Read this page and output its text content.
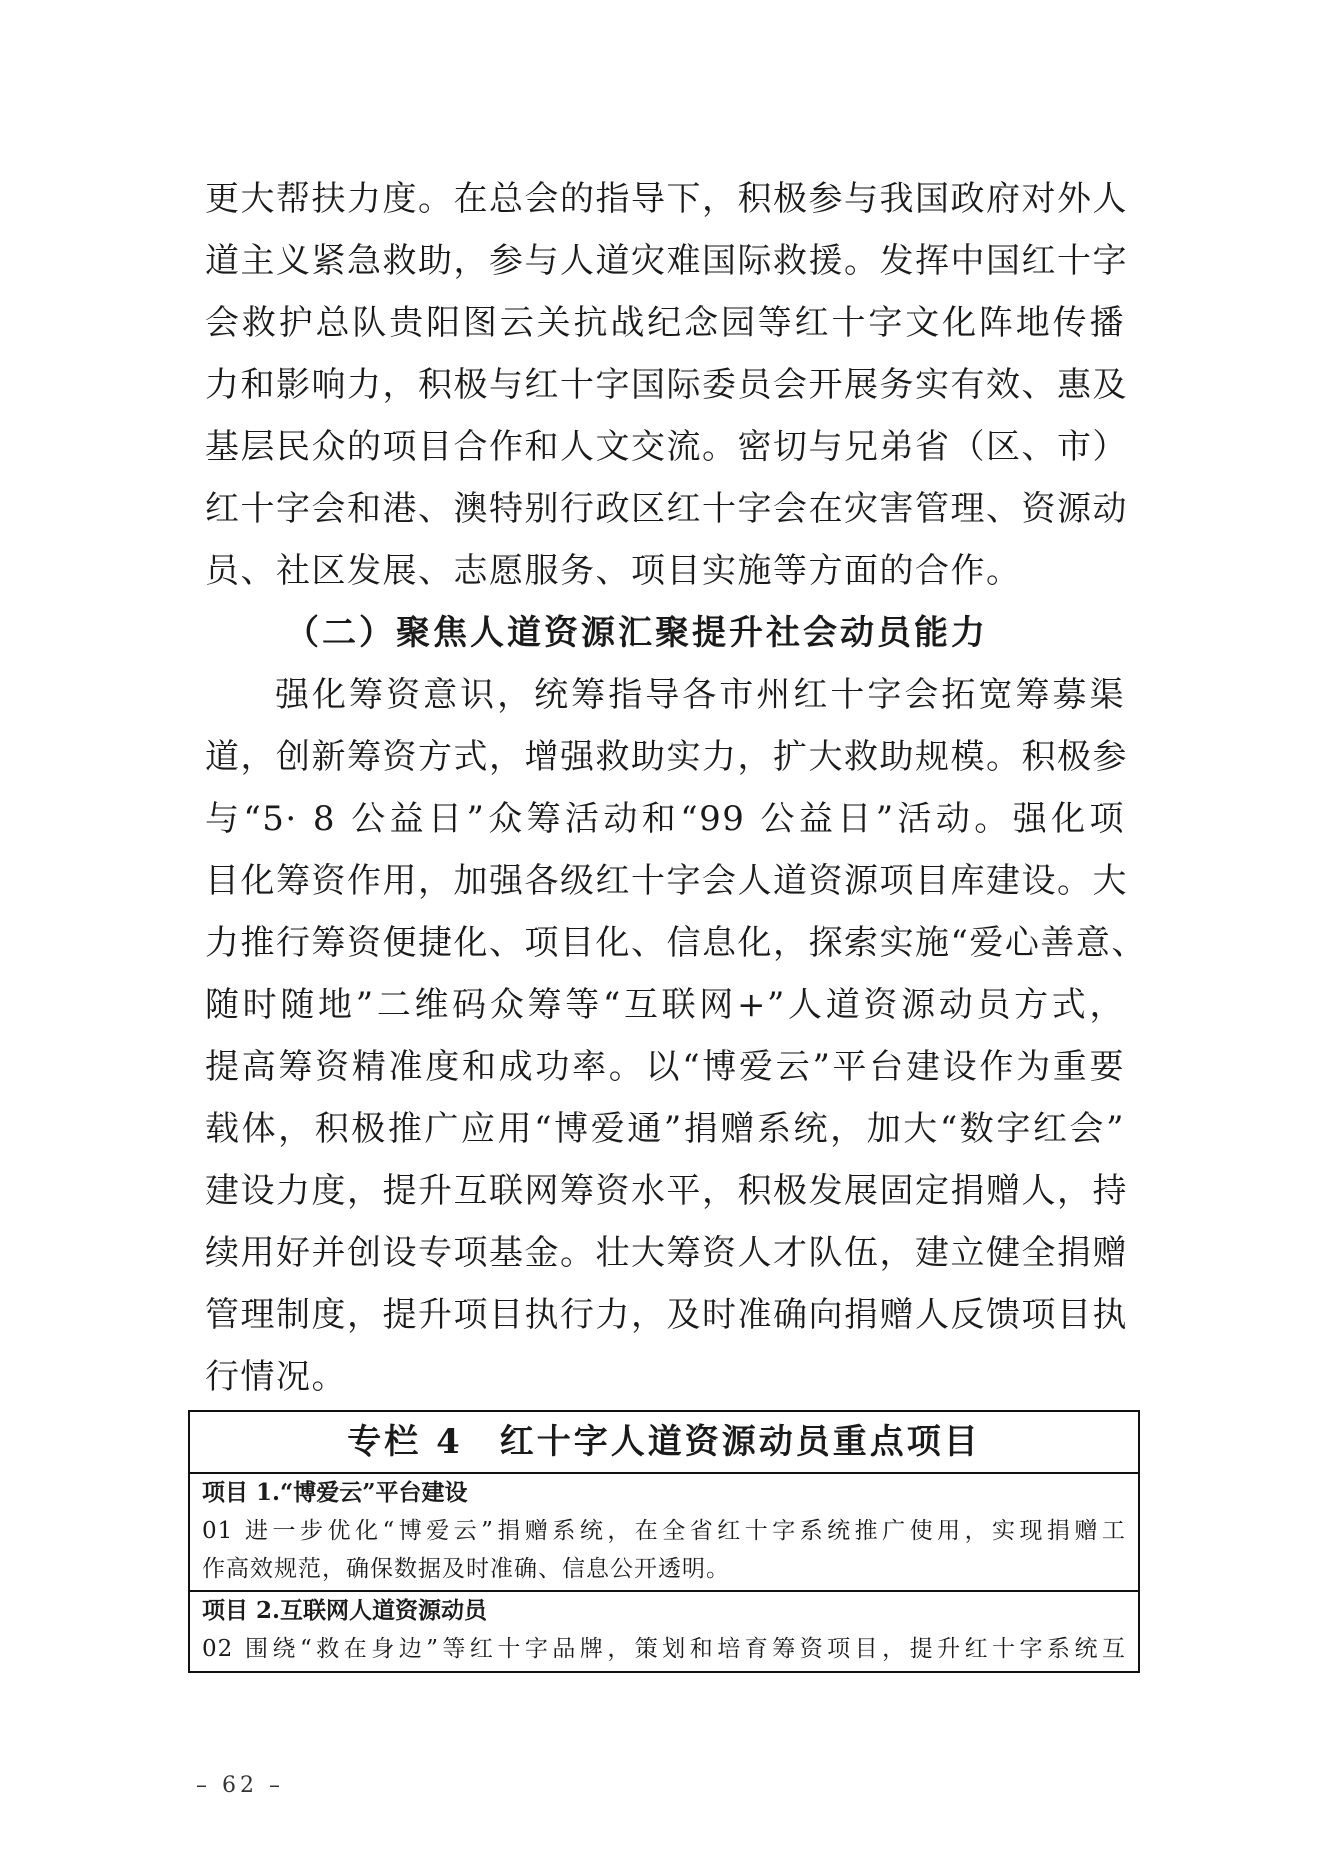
更大帮扶力度。在总会的指导下，积极参与我国政府对外人
道主义紧急救助，参与人道灾难国际救援。发挥中国红十字
会救护总队贵阳图云关抗战纪念园等红十字文化阵地传播
力和影响力，积极与红十字国际委员会开展务实有效、惠及
基层民众的项目合作和人文交流。密切与兄弟省（区、市）
红十字会和港、澳特别行政区红十字会在灾害管理、资源动
员、社区发展、志愿服务、项目实施等方面的合作。
（二）聚焦人道资源汇聚提升社会动员能力
强化筹资意识，统筹指导各市州红十字会拓宽筹募渠
道，创新筹资方式，增强救助实力，扩大救助规模。积极参
与“5· 8 公益日”众筹活动和“99 公益日”活动。强化项
目化筹资作用，加强各级红十字会人道资源项目库建设。大
力推行筹资便捷化、项目化、信息化，探索实施“爱心善意、
随时随地”二维码众筹等“互联网+”人道资源动员方式，
提高筹资精准度和成功率。以“博爱云”平台建设作为重要
载体，积极推广应用“博爱通”捐赠系统，加大“数字红会”
建设力度，提升互联网筹资水平，积极发展固定捐赠人，持
续用好并创设专项基金。壮大筹资人才队伍，建立健全捐赠
管理制度，提升项目执行力，及时准确向捐赠人反馈项目执
行情况。
专栏 4　红十字人道资源动员重点项目
项目 1.“博爱云”平台建设
01 进一步优化“博爱云”捐赠系统，在全省红十字系统推广使用，实现捐赠工
作高效规范，确保数据及时准确、信息公开透明。
项目 2.互联网人道资源动员
02 围绕“救在身边”等红十字品牌，策划和培育筹资项目，提升红十字系统互
– 62 –
